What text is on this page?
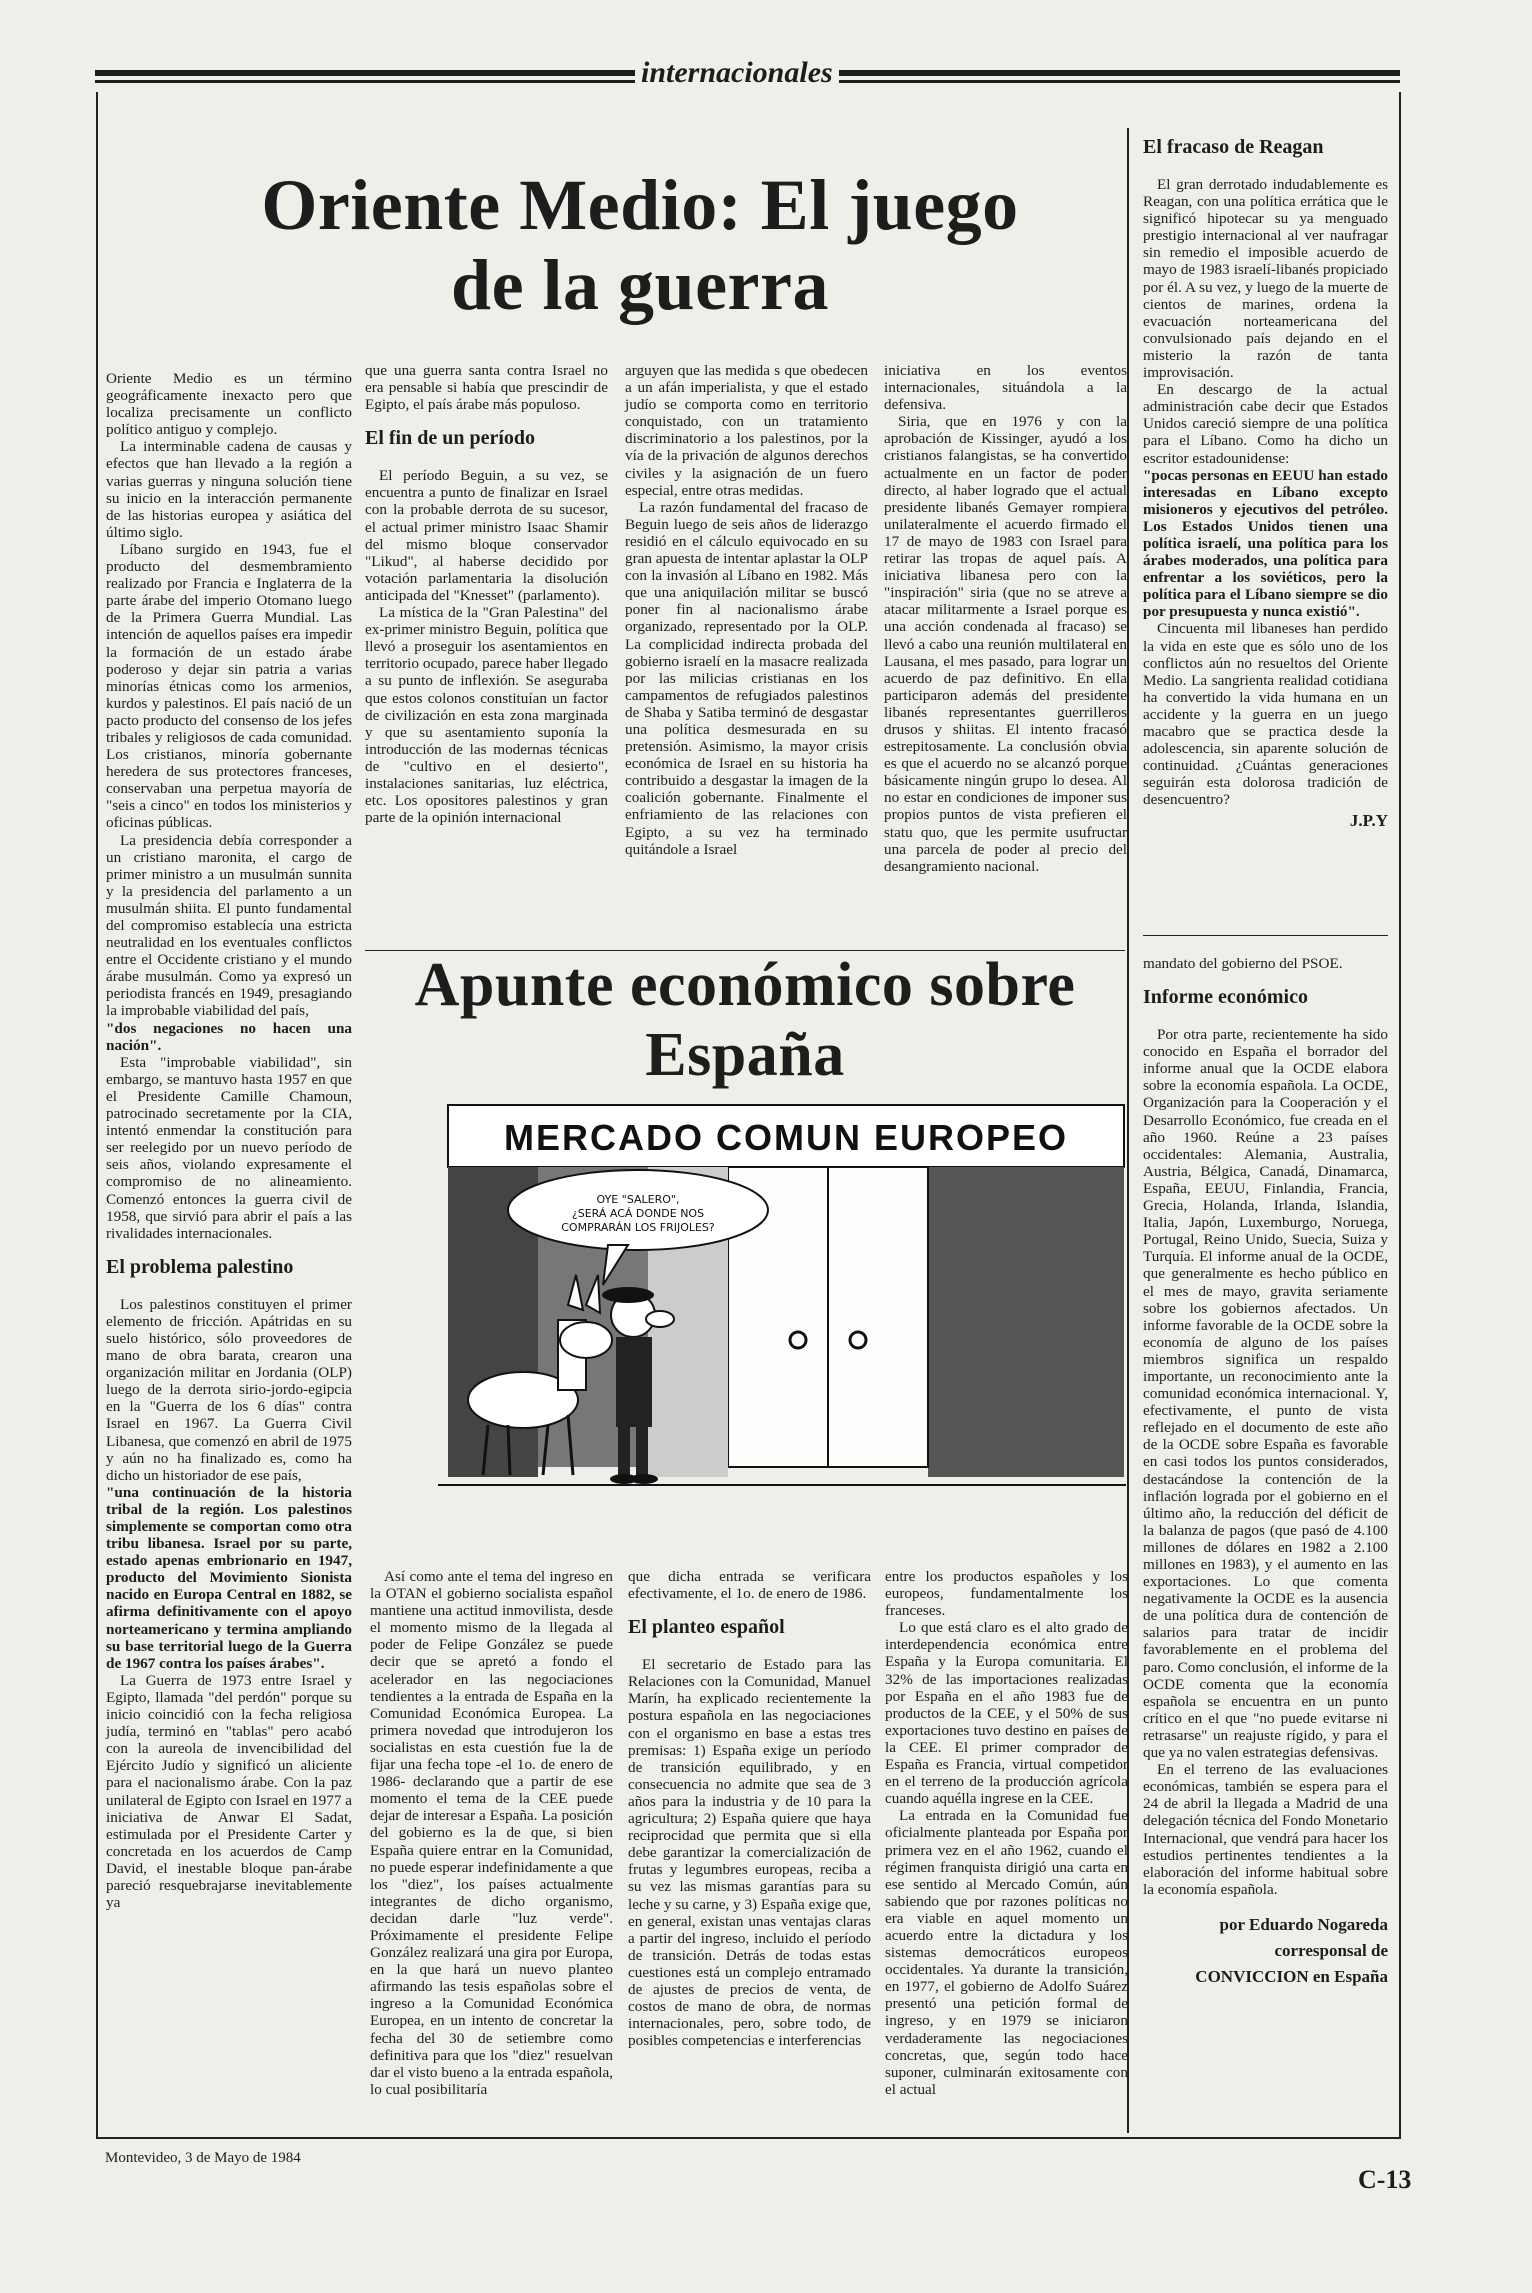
internacionales
Oriente Medio: El juego
de la guerra

Oriente Medio es un término geográficamente inexacto pero que localiza precisamente un conflicto político antiguo y complejo.

La interminable cadena de causas y efectos que han llevado a la región a varias guerras y ninguna solución tiene su inicio en la interacción permanente de las historias europea y asiática del último siglo.

Líbano surgido en 1943, fue el producto del desmembramiento realizado por Francia e Inglaterra de la parte árabe del imperio Otomano luego de la Primera Guerra Mundial. Las intención de aquellos países era impedir la formación de un estado árabe poderoso y dejar sin patria a varias minorías étnicas como los armenios, kurdos y palestinos. El país nació de un pacto producto del consenso de los jefes tribales y religiosos de cada comunidad. Los cristianos, minoría gobernante heredera de sus protectores franceses, conservaban una perpetua mayoría de "seis a cinco" en todos los ministerios y oficinas públicas.

La presidencia debía corresponder a un cristiano maronita, el cargo de primer ministro a un musulmán sunnita y la presidencia del parlamento a un musulmán shiita. El punto fundamental del compromiso establecía una estricta neutralidad en los eventuales conflictos entre el Occidente cristiano y el mundo árabe musulmán. Como ya expresó un periodista francés en 1949, presagiando la improbable viabilidad del país,

"dos negaciones no hacen una nación".

Esta "improbable viabilidad", sin embargo, se mantuvo hasta 1957 en que el Presidente Camille Chamoun, patrocinado secretamente por la CIA, intentó enmendar la constitución para ser reelegido por un nuevo período de seis años, violando expresamente el compromiso de no alineamiento. Comenzó entonces la guerra civil de 1958, que sirvió para abrir el país a las rivalidades internacionales.

El problema palestino

Los palestinos constituyen el primer elemento de fricción. Apátridas en su suelo histórico, sólo proveedores de mano de obra barata, crearon una organización militar en Jordania (OLP) luego de la derrota sirio-jordo-egipcia en la "Guerra de los 6 días" contra Israel en 1967. La Guerra Civil Libanesa, que comenzó en abril de 1975 y aún no ha finalizado es, como ha dicho un historiador de ese país,

"una continuación de la historia tribal de la región. Los palestinos simplemente se comportan como otra tribu libanesa. Israel por su parte, estado apenas embrionario en 1947, producto del Movimiento Sionista nacido en Europa Central en 1882, se afirma definitivamente con el apoyo norteamericano y termina ampliando su base territorial luego de la Guerra de 1967 contra los países árabes".

La Guerra de 1973 entre Israel y Egipto, llamada "del perdón" porque su inicio coincidió con la fecha religiosa judía, terminó en "tablas" pero acabó con la aureola de invencibilidad del Ejército Judío y significó un aliciente para el nacionalismo árabe. Con la paz unilateral de Egipto con Israel en 1977 a iniciativa de Anwar El Sadat, estimulada por el Presidente Carter y concretada en los acuerdos de Camp David, el inestable bloque pan-árabe pareció resquebrajarse inevitablemente ya

que una guerra santa contra Israel no era pensable si había que prescindir de Egipto, el país árabe más populoso.

El fin de un período

El período Beguin, a su vez, se encuentra a punto de finalizar en Israel con la probable derrota de su sucesor, el actual primer ministro Isaac Shamir del mismo bloque conservador "Likud", al haberse decidido por votación parlamentaria la disolución anticipada del "Knesset" (parlamento).

La mística de la "Gran Palestina" del ex-primer ministro Beguin, política que llevó a proseguir los asentamientos en territorio ocupado, parece haber llegado a su punto de inflexión. Se aseguraba que estos colonos constituían un factor de civilización en esta zona marginada y que su asentamiento suponía la introducción de las modernas técnicas de "cultivo en el desierto", instalaciones sanitarias, luz eléctrica, etc. Los opositores palestinos y gran parte de la opinión internacional

arguyen que las medida s que obedecen a un afán imperialista, y que el estado judío se comporta como en territorio conquistado, con un tratamiento discriminatorio a los palestinos, por la vía de la privación de algunos derechos civiles y la asignación de un fuero especial, entre otras medidas.

La razón fundamental del fracaso de Beguin luego de seis años de liderazgo residió en el cálculo equivocado en su gran apuesta de intentar aplastar la OLP con la invasión al Líbano en 1982. Más que una aniquilación militar se buscó poner fin al nacionalismo árabe organizado, representado por la OLP. La complicidad indirecta probada del gobierno israelí en la masacre realizada por las milicias cristianas en los campamentos de refugiados palestinos de Shaba y Satiba terminó de desgastar una política desmesurada en su pretensión. Asimismo, la mayor crisis económica de Israel en su historia ha contribuido a desgastar la imagen de la coalición gobernante. Finalmente el enfriamiento de las relaciones con Egipto, a su vez ha terminado quitándole a Israel

iniciativa en los eventos internacionales, situándola a la defensiva.

Siria, que en 1976 y con la aprobación de Kissinger, ayudó a los cristianos falangistas, se ha convertido actualmente en un factor de poder directo, al haber logrado que el actual presidente libanés Gemayer rompiera unilateralmente el acuerdo firmado el 17 de mayo de 1983 con Israel para retirar las tropas de aquel país. A iniciativa libanesa pero con la "inspiración" siria (que no se atreve a atacar militarmente a Israel porque es una acción condenada al fracaso) se llevó a cabo una reunión multilateral en Lausana, el mes pasado, para lograr un acuerdo de paz definitivo. En ella participaron además del presidente libanés representantes guerrilleros drusos y shiitas. El intento fracasó estrepitosamente. La conclusión obvia es que el acuerdo no se alcanzó porque básicamente ningún grupo lo desea. Al no estar en condiciones de imponer sus propios puntos de vista prefieren el statu quo, que les permite usufructar una parcela de poder al precio del desangramiento nacional.

El fracaso de Reagan

El gran derrotado indudablemente es Reagan, con una política errática que le significó hipotecar su ya menguado prestigio internacional al ver naufragar sin remedio el imposible acuerdo de mayo de 1983 israelí-libanés propiciado por él. A su vez, y luego de la muerte de cientos de marines, ordena la evacuación norteamericana del convulsionado país dejando en el misterio la razón de tanta improvisación.

En descargo de la actual administración cabe decir que Estados Unidos careció siempre de una política para el Líbano. Como ha dicho un escritor estadounidense:

"pocas personas en EEUU han estado interesadas en Líbano excepto misioneros y ejecutivos del petróleo. Los Estados Unidos tienen una política israelí, una política para los árabes moderados, una política para enfrentar a los soviéticos, pero la política para el Líbano siempre se dio por presupuesta y nunca existió".

Cincuenta mil libaneses han perdido la vida en este que es sólo uno de los conflictos aún no resueltos del Oriente Medio. La sangrienta realidad cotidiana ha convertido la vida humana en un accidente y la guerra en un juego macabro que se practica desde la adolescencia, sin aparente solución de continuidad. ¿Cuántas generaciones seguirán esta dolorosa tradición de desencuentro?

J.P.Y
Apunte económico sobre
España
MERCADO COMUN EUROPEO
OYE "SALERO",
¿SERÁ ACÁ DONDE NOS
COMPRARÁN LOS FRIJOLES?

Así como ante el tema del ingreso en la OTAN el gobierno socialista español mantiene una actitud inmovilista, desde el momento mismo de la llegada al poder de Felipe González se puede decir que se apretó a fondo el acelerador en las negociaciones tendientes a la entrada de España en la Comunidad Económica Europea. La primera novedad que introdujeron los socialistas en esta cuestión fue la de fijar una fecha tope -el 1o. de enero de 1986- declarando que a partir de ese momento el tema de la CEE puede dejar de interesar a España. La posición del gobierno es la de que, si bien España quiere entrar en la Comunidad, no puede esperar indefinidamente a que los "diez", los países actualmente integrantes de dicho organismo, decidan darle "luz verde". Próximamente el presidente Felipe González realizará una gira por Europa, en la que hará un nuevo planteo afirmando las tesis españolas sobre el ingreso a la Comunidad Económica Europea, en un intento de concretar la fecha del 30 de setiembre como definitiva para que los "diez" resuelvan dar el visto bueno a la entrada española, lo cual posibilitaría

que dicha entrada se verificara efectivamente, el 1o. de enero de 1986.

El planteo español

El secretario de Estado para las Relaciones con la Comunidad, Manuel Marín, ha explicado recientemente la postura española en las negociaciones con el organismo en base a estas tres premisas: 1) España exige un período de transición equilibrado, y en consecuencia no admite que sea de 3 años para la industria y de 10 para la agricultura; 2) España quiere que haya reciprocidad que permita que si ella debe garantizar la comercialización de frutas y legumbres europeas, reciba a su vez las mismas garantías para su leche y su carne, y 3) España exige que, en general, existan unas ventajas claras a partir del ingreso, incluido el período de transición. Detrás de todas estas cuestiones está un complejo entramado de ajustes de precios de venta, de costos de mano de obra, de normas internacionales, pero, sobre todo, de posibles competencias e interferencias

entre los productos españoles y los europeos, fundamentalmente los franceses.

Lo que está claro es el alto grado de interdependencia económica entre España y la Europa comunitaria. El 32% de las importaciones realizadas por España en el año 1983 fue de productos de la CEE, y el 50% de sus exportaciones tuvo destino en países de la CEE. El primer comprador de España es Francia, virtual competidor en el terreno de la producción agrícola cuando aquélla ingrese en la CEE.

La entrada en la Comunidad fue oficialmente planteada por España por primera vez en el año 1962, cuando el régimen franquista dirigió una carta en ese sentido al Mercado Común, aún sabiendo que por razones políticas no era viable en aquel momento un acuerdo entre la dictadura y los sistemas democráticos europeos occidentales. Ya durante la transición, en 1977, el gobierno de Adolfo Suárez presentó una petición formal de ingreso, y en 1979 se iniciaron verdaderamente las negociaciones concretas, que, según todo hace suponer, culminarán exitosamente con el actual

mandato del gobierno del PSOE.

Informe económico

Por otra parte, recientemente ha sido conocido en España el borrador del informe anual que la OCDE elabora sobre la economía española. La OCDE, Organización para la Cooperación y el Desarrollo Económico, fue creada en el año 1960. Reúne a 23 países occidentales: Alemania, Australia, Austria, Bélgica, Canadá, Dinamarca, España, EEUU, Finlandia, Francia, Grecia, Holanda, Irlanda, Islandia, Italia, Japón, Luxemburgo, Noruega, Portugal, Reino Unido, Suecia, Suiza y Turquía. El informe anual de la OCDE, que generalmente es hecho público en el mes de mayo, gravita seriamente sobre los gobiernos afectados. Un informe favorable de la OCDE sobre la economía de alguno de los países miembros significa un respaldo importante, un reconocimiento ante la comunidad económica internacional. Y, efectivamente, el punto de vista reflejado en el documento de este año de la OCDE sobre España es favorable en casi todos los puntos considerados, destacándose la contención de la inflación lograda por el gobierno en el último año, la reducción del déficit de la balanza de pagos (que pasó de 4.100 millones de dólares en 1982 a 2.100 millones en 1983), y el aumento en las exportaciones. Lo que comenta negativamente la OCDE es la ausencia de una política dura de contención de salarios para tratar de incidir favorablemente en el problema del paro. Como conclusión, el informe de la OCDE comenta que la economía española se encuentra en un punto crítico en el que "no puede evitarse ni retrasarse" un reajuste rígido, y para el que ya no valen estrategias defensivas.

En el terreno de las evaluaciones económicas, también se espera para el 24 de abril la llegada a Madrid de una delegación técnica del Fondo Monetario Internacional, que vendrá para hacer los estudios pertinentes tendientes a la elaboración del informe habitual sobre la economía española.

por Eduardo Nogareda
corresponsal de
CONVICCION en España
Montevideo, 3 de Mayo de 1984
C-13
